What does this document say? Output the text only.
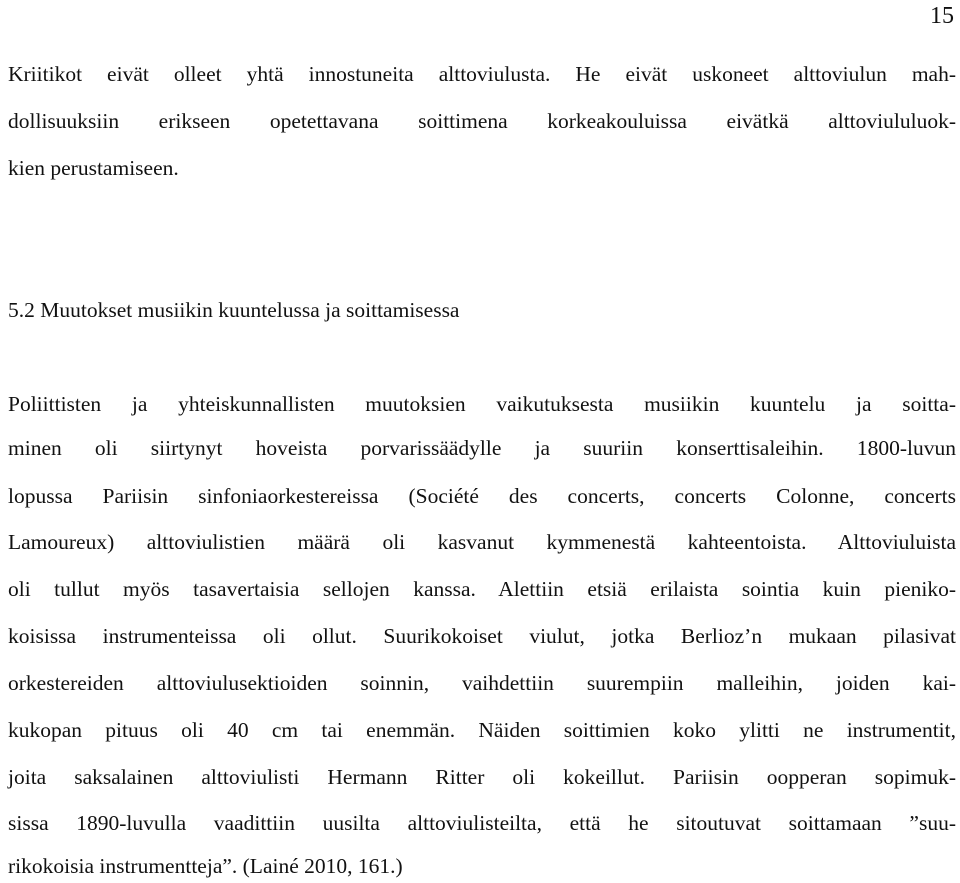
15
Kriitikot eivät olleet yhtä innostuneita alttoviulusta. He eivät uskoneet alttoviulun mah-
dollisuuksiin erikseen opetettavana soittimena korkeakouluissa eivätkä alttoviululuok-
kien perustamiseen.
5.2 Muutokset musiikin kuuntelussa ja soittamisessa
Poliittisten ja yhteiskunnallisten muutoksien vaikutuksesta musiikin kuuntelu ja soitta-
minen oli siirtynyt hoveista porvarissäädylle ja suuriin konserttisaleihin. 1800-luvun
lopussa Pariisin sinfoniaorkestereissa (Société des concerts, concerts Colonne, concerts
Lamoureux) alttoviulistien määrä oli kasvanut kymmenestä kahteentoista. Alttoviuluista
oli tullut myös tasavertaisia sellojen kanssa. Alettiin etsiä erilaista sointia kuin pieniko-
koisissa instrumenteissa oli ollut. Suurikokoiset viulut, jotka Berlioz’n mukaan pilasivat
orkestereiden alttoviulusektioiden soinnin, vaihdettiin suurempiin malleihin, joiden kai-
kukopan pituus oli 40 cm tai enemmän. Näiden soittimien koko ylitti ne instrumentit,
joita saksalainen alttoviulisti Hermann Ritter oli kokeillut. Pariisin oopperan sopimuk-
sissa 1890-luvulla vaadittiin uusilta alttoviulisteilta, että he sitoutuvat soittamaan ”suu-
rikokoisia instrumentteja”. (Lainé 2010, 161.)
